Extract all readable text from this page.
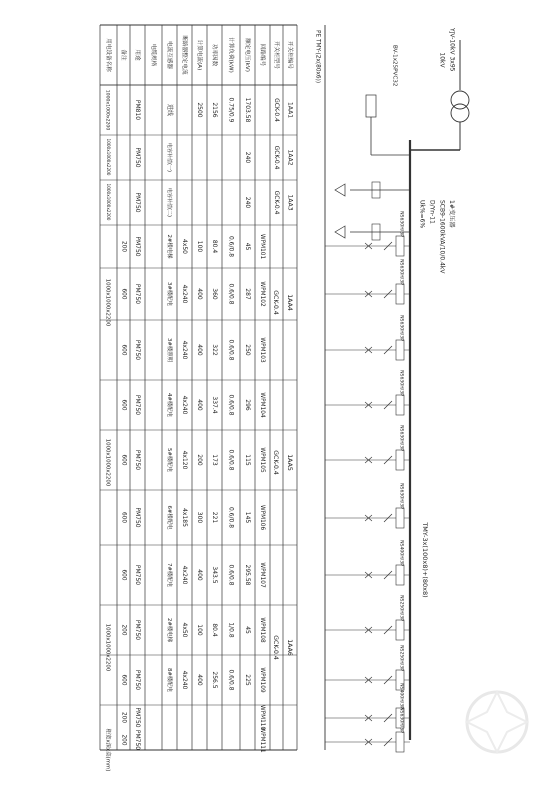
开关柜编号
开关柜型号
回路编号
额定电压(kV)
计算负荷(kW)
功率因数
计算电流(A)
断路器整定电流
电流互感器
电缆规格
用途
备注
用电设备名称
柜宽x深x高(mm)
1AA1
GCK-0.4
1703.58
0.75/0.9
2156
2500
进线
PM810
1000x1000x2200
1AA2
GCK-0.4
240
电容补偿(一)
PM750
1000x1000x2200
1AA3
GCK-0.4
240
电容补偿(二)
PM750
1000x1000x2200
1AA4
GCK-0.4
1000x1000x2200
1AA5
GCK-0.4
1000x1000x2200
1AA6
GCK-0.4
1000x1000x2200
WPM101
45
0.6/0.8
80.4
100
4x50
2#楼电梯
PM750
200
WPM102
287
0.6/0.8
360
400
4x240
3#楼配电
PM750
600
WPM103
250
0.6/0.8
322
400
4x240
3#楼照明
PM750
600
WPM104
296
0.6/0.8
337.4
400
4x240
4#楼配电
PM750
600
WPM105
115
0.6/0.8
173
200
4x120
5#楼配电
PM750
600
WPM106
145
0.6/0.8
221
300
4x185
6#楼配电
PM750
600
WPM107
295.58
0.6/0.8
343.5
400
4x240
7#楼配电
PM750
600
WPM108
45
1/0.8
80.4
100
4x50
2#楼电梯
PM750
200
WPM109
225
0.6/0.8
256.5
400
4x240
8#楼配电
PM750
600
WPM110
PM750
200
WPM111
PM750
200
TMY-3x(100x8)+(80x8)
YJV-10kV 3x95
10kV
BV-1x25PVC32
PE TMY-(2x(80x6))
1#变压器
SCB9-1600kVA/10/0.4kV
D/Yn-11
Uk%=6%
NS630H/3P
NS630H/3P
NS630H/3P
NS630H/3P
NS630H/3P
NS630H/3P
NS400H/3P
NS250H/3P
NS250H/3P
NS400H/3P
NS630H/3P
